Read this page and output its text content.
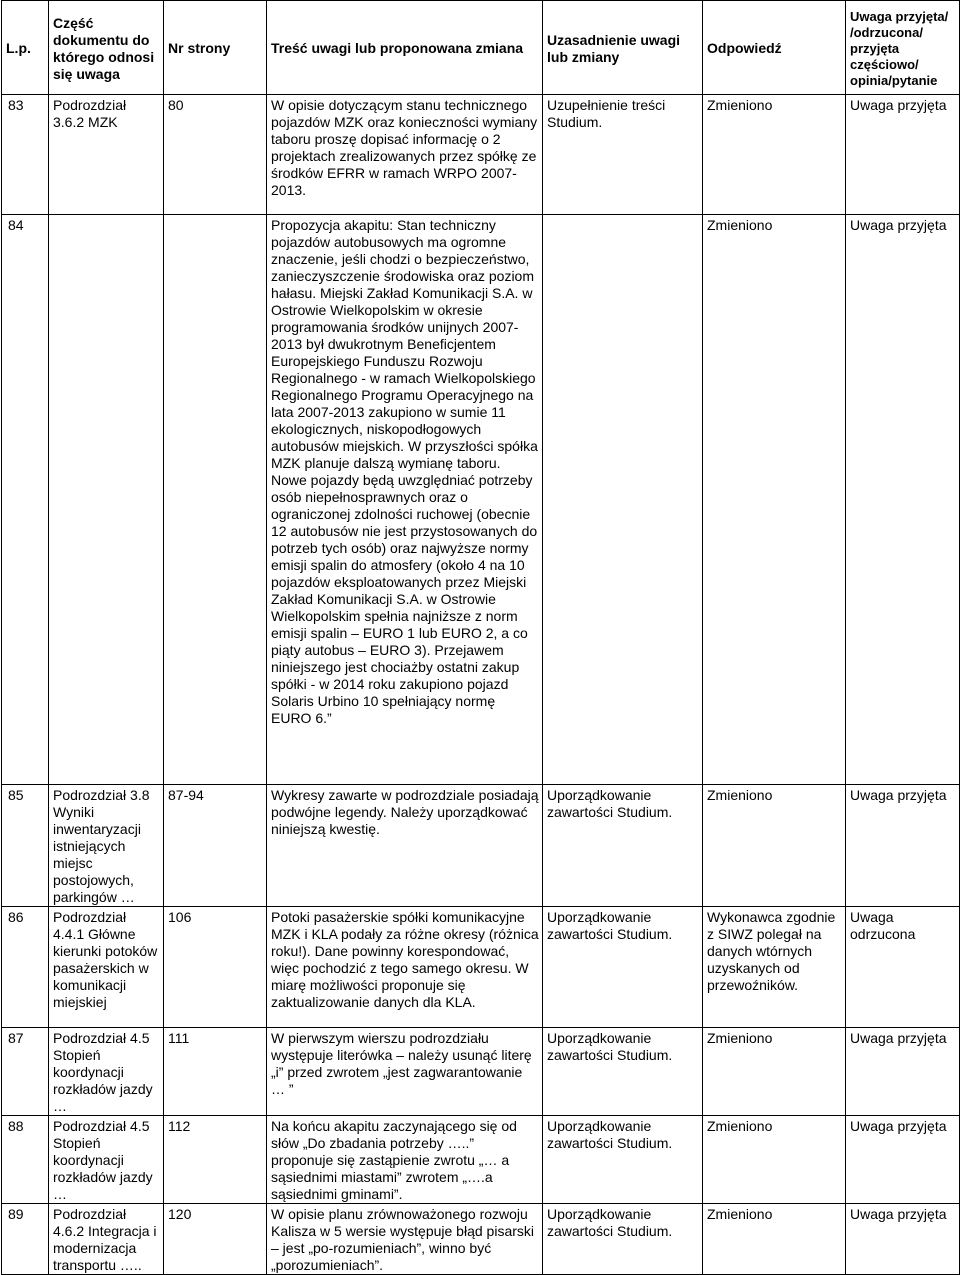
L.p.	Część dokumentu do którego odnosi się uwaga	Nr strony	Treść uwagi lub proponowana zmiana	Uzasadnienie uwagi lub zmiany	Odpowiedź	Uwaga przyjęta/ /odrzucona/ przyjęta częściowo/ opinia/pytanie
83	Podrozdział 3.6.2 MZK	80	W opisie dotyczącym stanu technicznego pojazdów MZK oraz konieczności wymiany taboru proszę dopisać informację o 2 projektach zrealizowanych przez spółkę ze środków EFRR w ramach WRPO 2007-2013.	Uzupełnienie treści Studium.	Zmieniono	Uwaga przyjęta
84			Propozycja akapitu: Stan techniczny pojazdów autobusowych ma ogromne znaczenie, jeśli chodzi o bezpieczeństwo, zanieczyszczenie środowiska oraz poziom hałasu. Miejski Zakład Komunikacji S.A. w Ostrowie Wielkopolskim w okresie programowania środków unijnych 2007-2013 był dwukrotnym Beneficjentem Europejskiego Funduszu Rozwoju Regionalnego - w ramach Wielkopolskiego Regionalnego Programu Operacyjnego na lata 2007-2013 zakupiono w sumie 11 ekologicznych, niskopodłogowych autobusów miejskich. W przyszłości spółka MZK planuje dalszą wymianę taboru. Nowe pojazdy będą uwzględniać potrzeby osób niepełnosprawnych oraz o ograniczonej zdolności ruchowej (obecnie 12 autobusów nie jest przystosowanych do potrzeb tych osób) oraz najwyższe normy emisji spalin do atmosfery (około 4 na 10 pojazdów eksploatowanych przez Miejski Zakład Komunikacji S.A. w Ostrowie Wielkopolskim spełnia najniższe z norm emisji spalin – EURO 1 lub EURO 2, a co piąty autobus – EURO 3). Przejawem niniejszego jest chociażby ostatni zakup spółki - w 2014 roku zakupiono pojazd Solaris Urbino 10 spełniający normę EURO 6.”		Zmieniono	Uwaga przyjęta
85	Podrozdział 3.8 Wyniki inwentaryzacji istniejących miejsc postojowych, parkingów …	87-94	Wykresy zawarte w podrozdziale posiadają podwójne legendy. Należy uporządkować niniejszą kwestię.	Uporządkowanie zawartości Studium.	Zmieniono	Uwaga przyjęta
86	Podrozdział 4.4.1 Główne kierunki potoków pasażerskich w komunikacji miejskiej	106	Potoki pasażerskie spółki komunikacyjne MZK i KLA podały za różne okresy (różnica roku!). Dane powinny korespondować, więc pochodzić z tego samego okresu. W miarę możliwości proponuje się zaktualizowanie danych dla KLA.	Uporządkowanie zawartości Studium.	Wykonawca zgodnie z SIWZ polegał na danych wtórnych uzyskanych od przewoźników.	Uwaga odrzucona
87	Podrozdział 4.5 Stopień koordynacji rozkładów jazdy …	111	W pierwszym wierszu podrozdziału występuje literówka – należy usunąć literę „i” przed zwrotem „jest zagwarantowanie … ”	Uporządkowanie zawartości Studium.	Zmieniono	Uwaga przyjęta
88	Podrozdział 4.5 Stopień koordynacji rozkładów jazdy …	112	Na końcu akapitu zaczynającego się od słów „Do zbadania potrzeby …..” proponuje się zastąpienie zwrotu „… a sąsiednimi miastami” zwrotem „….a sąsiednimi gminami”.	Uporządkowanie zawartości Studium.	Zmieniono	Uwaga przyjęta
89	Podrozdział 4.6.2 Integracja i modernizacja transportu …..	120	W opisie planu zrównoważonego rozwoju Kalisza w 5 wersie występuje błąd pisarski – jest „po-rozumieniach”, winno być „porozumieniach”.	Uporządkowanie zawartości Studium.	Zmieniono	Uwaga przyjęta
